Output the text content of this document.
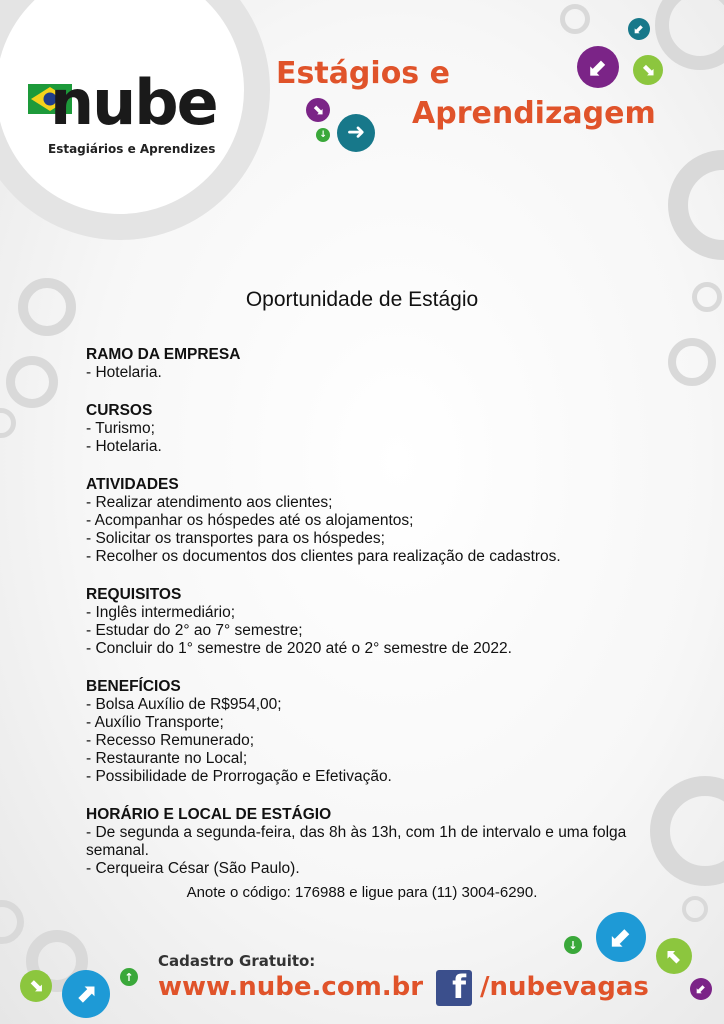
nube
Estagiários e Aprendizes
Estágios e
Aprendizagem
⬋
⬋
⬊
⬊
↓ ➜
⬋
↓	⬉
⬋
⬊	⬈
↑
Oportunidade de Estágio
RAMO DA EMPRESA
- Hotelaria.
CURSOS
- Turismo;
- Hotelaria.
ATIVIDADES
- Realizar atendimento aos clientes;
- Acompanhar os hóspedes até os alojamentos;
- Solicitar os transportes para os hóspedes;
- Recolher os documentos dos clientes para realização de cadastros.
REQUISITOS
- Inglês intermediário;
- Estudar do 2° ao 7° semestre;
- Concluir do 1° semestre de 2020 até o 2° semestre de 2022.
BENEFÍCIOS
- Bolsa Auxílio de R$954,00;
- Auxílio Transporte;
- Recesso Remunerado;
- Restaurante no Local;
- Possibilidade de Prorrogação e Efetivação.
HORÁRIO E LOCAL DE ESTÁGIO
- De segunda a segunda-feira, das 8h às 13h, com 1h de intervalo e uma folga semanal.
- Cerqueira César (São Paulo).
Anote o código: 176988 e ligue para (11) 3004-6290.
Cadastro Gratuito:
www.nube.com.br f /nubevagas
